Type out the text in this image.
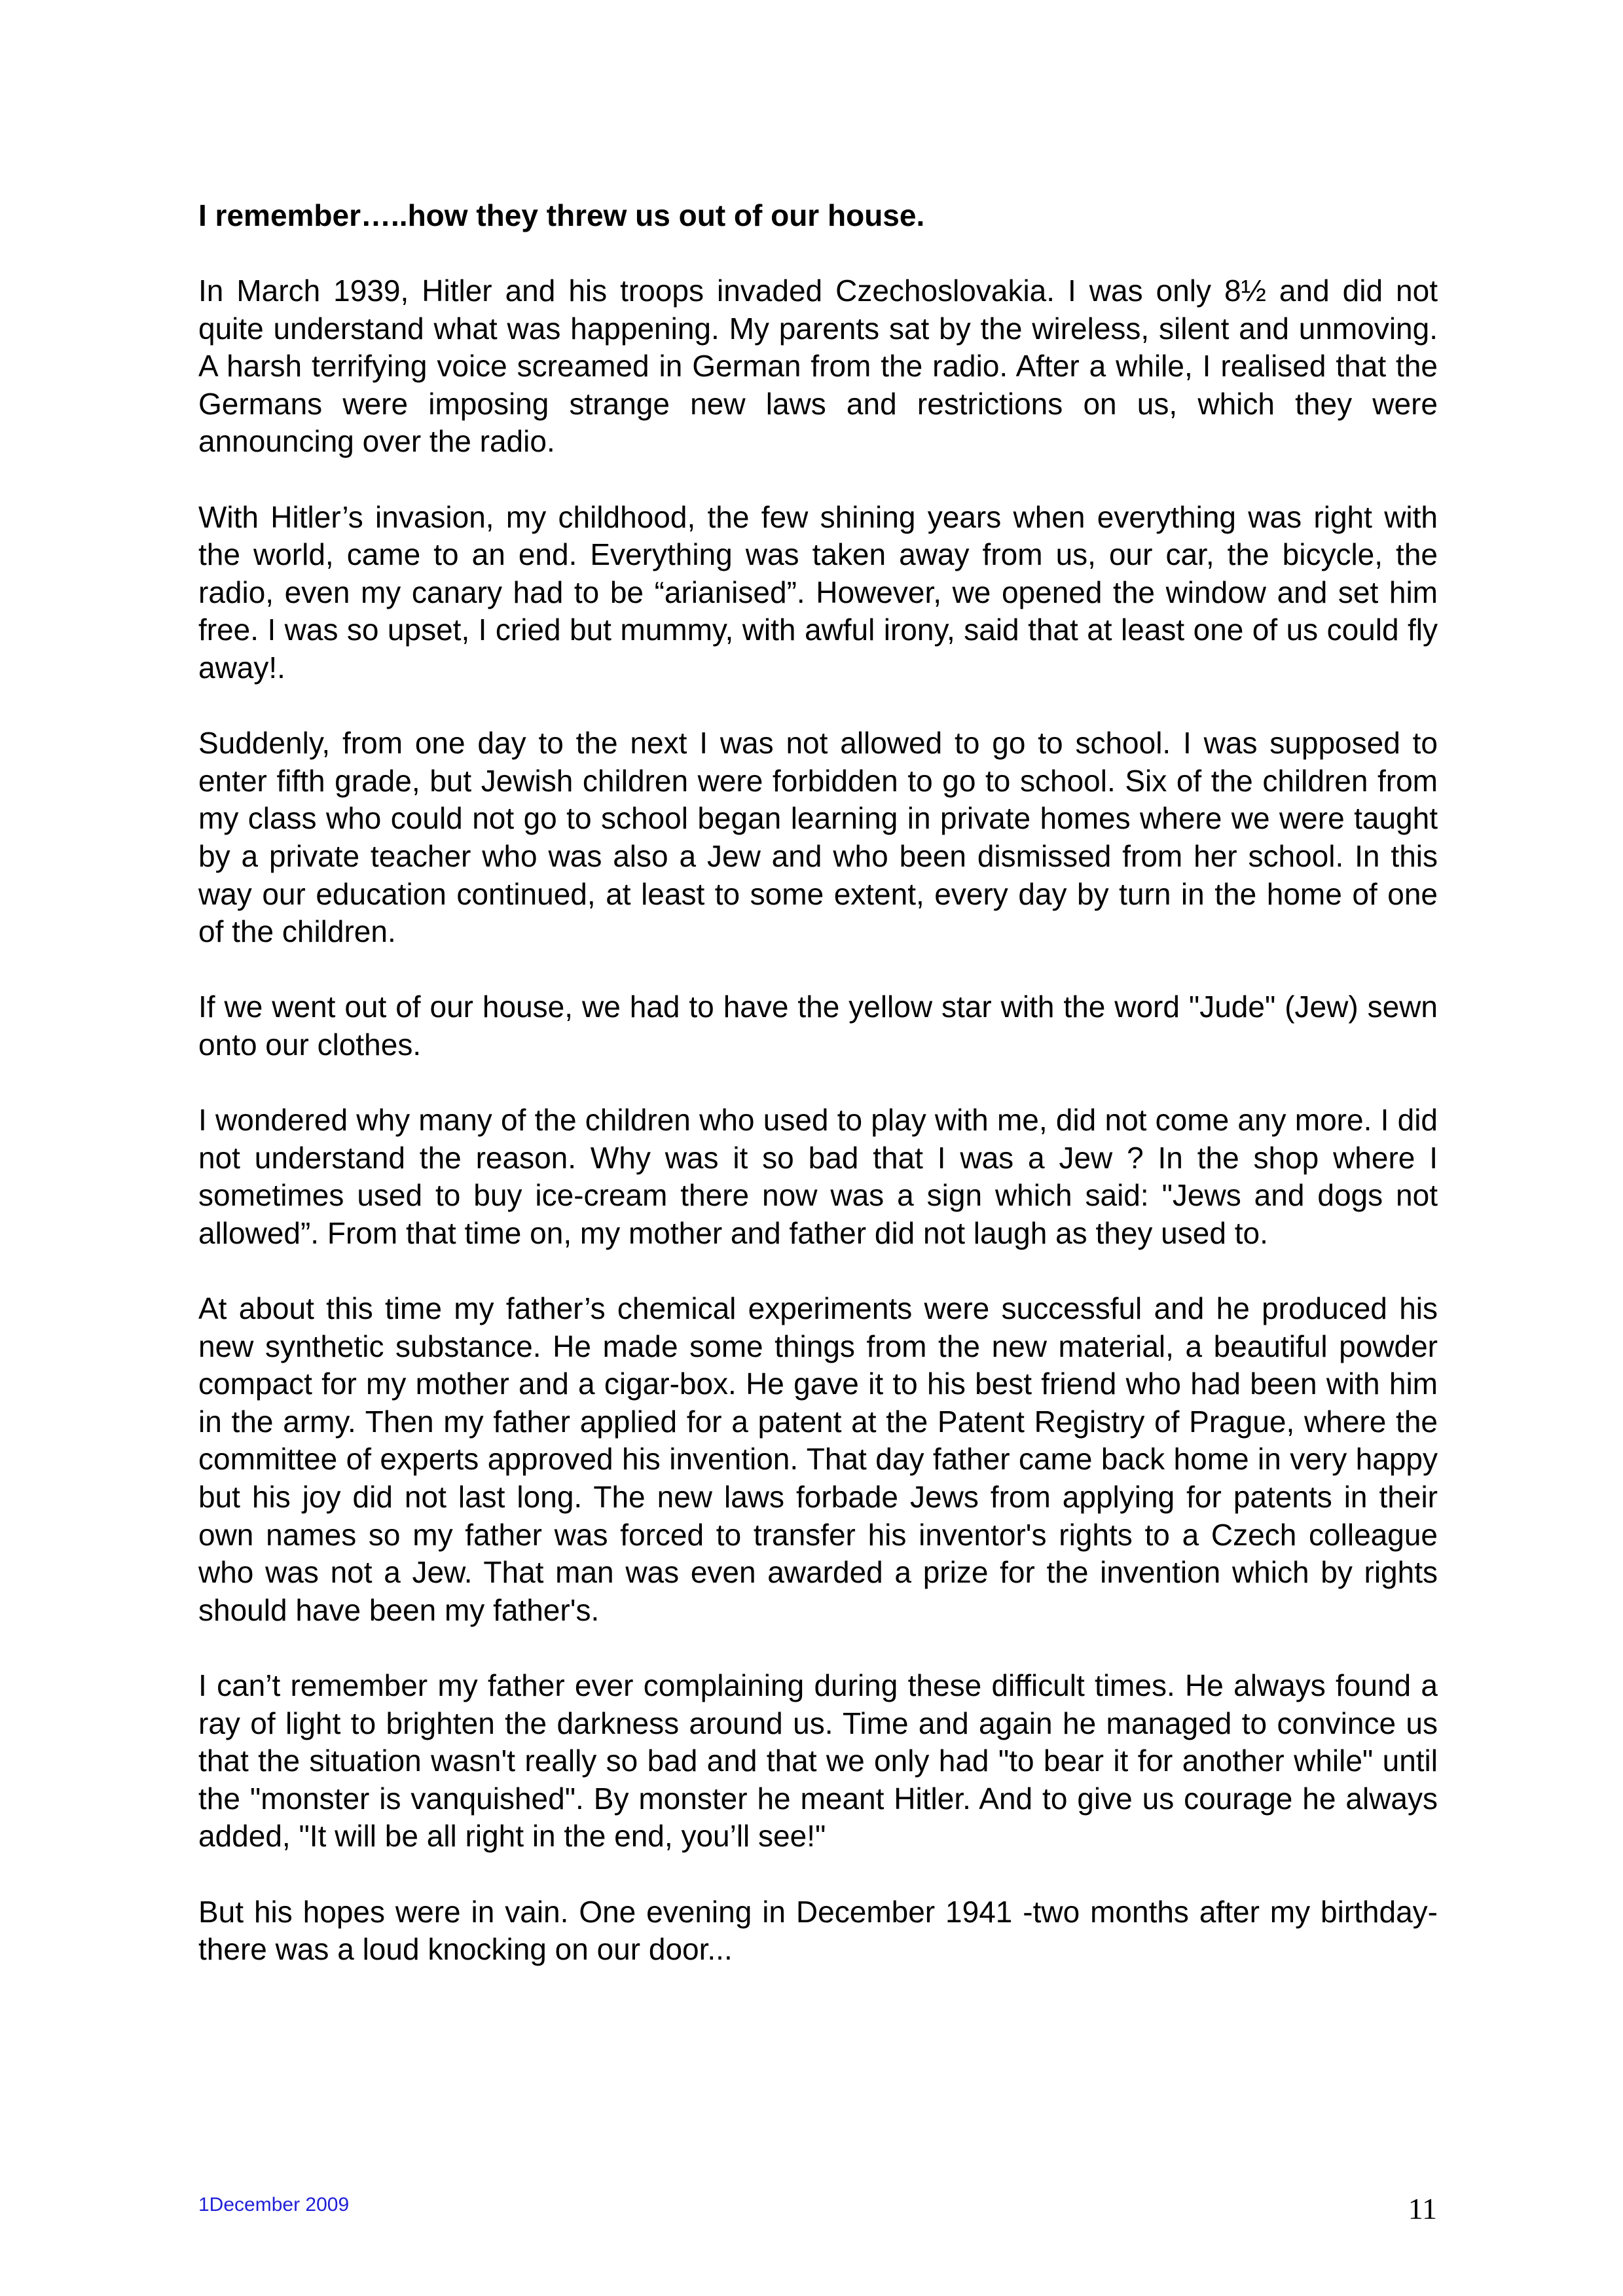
I remember…..how they threw us out of our house.

In March 1939, Hitler and his troops invaded Czechoslovakia. I was only 8½ and did not quite understand what was happening. My parents sat by the wireless, silent and unmoving. A harsh terrifying voice screamed in German from the radio. After a while, I realised that the Germans were imposing strange new laws and restrictions on us, which they were announcing over the radio.

With Hitler’s invasion, my childhood, the few shining years when everything was right with the world, came to an end. Everything was taken away from us, our car, the bicycle, the radio, even my canary had to be “arianised”. However, we opened the window and set him free. I was so upset, I cried but mummy, with awful irony, said that at least one of us could fly away!.

Suddenly, from one day to the next I was not allowed to go to school. I was supposed to enter fifth grade, but Jewish children were forbidden to go to school. Six of the children from my class who could not go to school began learning in private homes where we were taught by a private teacher who was also a Jew and who been dismissed from her school. In this way our education continued, at least to some extent, every day by turn in the home of one of the children.

If we went out of our house, we had to have the yellow star with the word "Jude" (Jew) sewn onto our clothes.

I wondered why many of the children who used to play with me, did not come any more. I did not understand the reason. Why was it so bad that I was a Jew ? In the shop where I sometimes used to buy ice-cream there now was a sign which said: "Jews and dogs not allowed”. From that time on, my mother and father did not laugh as they used to.

At about this time my father’s chemical experiments were successful and he produced his new synthetic substance. He made some things from the new material, a beautiful powder compact for my mother and a cigar-box. He gave it to his best friend who had been with him in the army. Then my father applied for a patent at the Patent Registry of Prague, where the committee of experts approved his invention. That day father came back home in very happy but his joy did not last long. The new laws forbade Jews from applying for patents in their own names so my father was forced to transfer his inventor's rights to a Czech colleague who was not a Jew. That man was even awarded a prize for the invention which by rights should have been my father's.

I can’t remember my father ever complaining during these difficult times. He always found a ray of light to brighten the darkness around us. Time and again he managed to convince us that the situation wasn't really so bad and that we only had "to bear it for another while" until the "monster is vanquished". By monster he meant Hitler. And to give us courage he always added, "It will be all right in the end, you’ll see!"

But his hopes were in vain. One evening in December 1941 -two months after my birthday- there was a loud knocking on our door...

1December 2009	11
